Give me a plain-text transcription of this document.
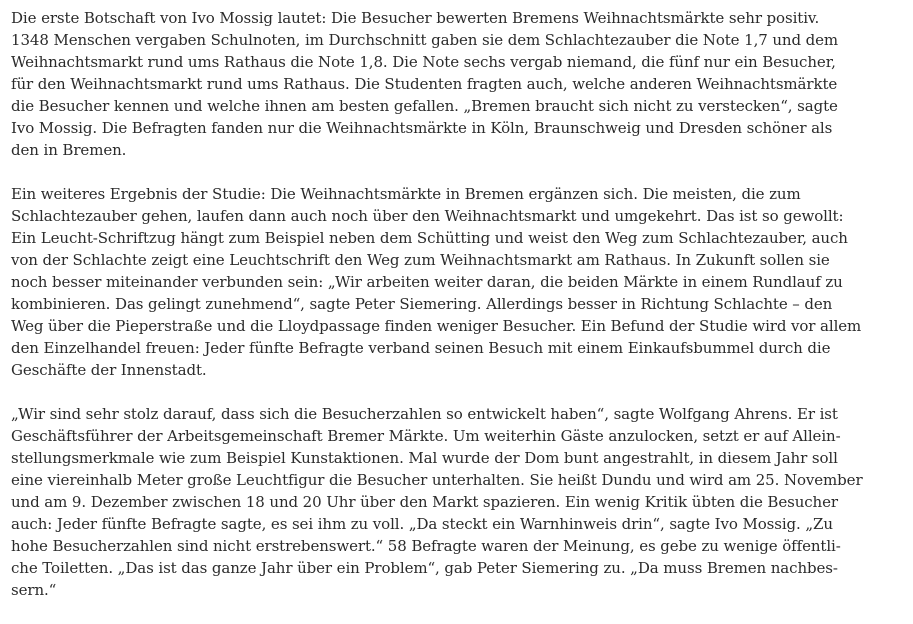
Die erste Botschaft von Ivo Mossig lautet: Die Besucher bewerten Bremens Weihnachtsmärkte sehr positiv.
1348 Menschen vergaben Schulnoten, im Durchschnitt gaben sie dem Schlachtezauber die Note 1,7 und dem
Weihnachtsmarkt rund ums Rathaus die Note 1,8. Die Note sechs vergab niemand, die fünf nur ein Besucher,
für den Weihnachtsmarkt rund ums Rathaus. Die Studenten fragten auch, welche anderen Weihnachtsmärkte
die Besucher kennen und welche ihnen am besten gefallen. „Bremen braucht sich nicht zu verstecken“, sagte
Ivo Mossig. Die Befragten fanden nur die Weihnachtsmärkte in Köln, Braunschweig und Dresden schöner als
den in Bremen.

Ein weiteres Ergebnis der Studie: Die Weihnachtsmärkte in Bremen ergänzen sich. Die meisten, die zum
Schlachtezauber gehen, laufen dann auch noch über den Weihnachtsmarkt und umgekehrt. Das ist so gewollt:
Ein Leucht-Schriftzug hängt zum Beispiel neben dem Schütting und weist den Weg zum Schlachtezauber, auch
von der Schlachte zeigt eine Leuchtschrift den Weg zum Weihnachtsmarkt am Rathaus. In Zukunft sollen sie
noch besser miteinander verbunden sein: „Wir arbeiten weiter daran, die beiden Märkte in einem Rundlauf zu
kombinieren. Das gelingt zunehmend“, sagte Peter Siemering. Allerdings besser in Richtung Schlachte – den
Weg über die Pieperstraße und die Lloydpassage finden weniger Besucher. Ein Befund der Studie wird vor allem
den Einzelhandel freuen: Jeder fünfte Befragte verband seinen Besuch mit einem Einkaufsbummel durch die
Geschäfte der Innenstadt.

„Wir sind sehr stolz darauf, dass sich die Besucherzahlen so entwickelt haben“, sagte Wolfgang Ahrens. Er ist
Geschäftsführer der Arbeitsgemeinschaft Bremer Märkte. Um weiterhin Gäste anzulocken, setzt er auf Allein-
stellungsmerkmale wie zum Beispiel Kunstaktionen. Mal wurde der Dom bunt angestrahlt, in diesem Jahr soll
eine viereinhalb Meter große Leuchtfigur die Besucher unterhalten. Sie heißt Dundu und wird am 25. November
und am 9. Dezember zwischen 18 und 20 Uhr über den Markt spazieren. Ein wenig Kritik übten die Besucher
auch: Jeder fünfte Befragte sagte, es sei ihm zu voll. „Da steckt ein Warnhinweis drin“, sagte Ivo Mossig. „Zu
hohe Besucherzahlen sind nicht erstrebenswert.“ 58 Befragte waren der Meinung, es gebe zu wenige öffentli-
che Toiletten. „Das ist das ganze Jahr über ein Problem“, gab Peter Siemering zu. „Da muss Bremen nachbes-
sern.“
